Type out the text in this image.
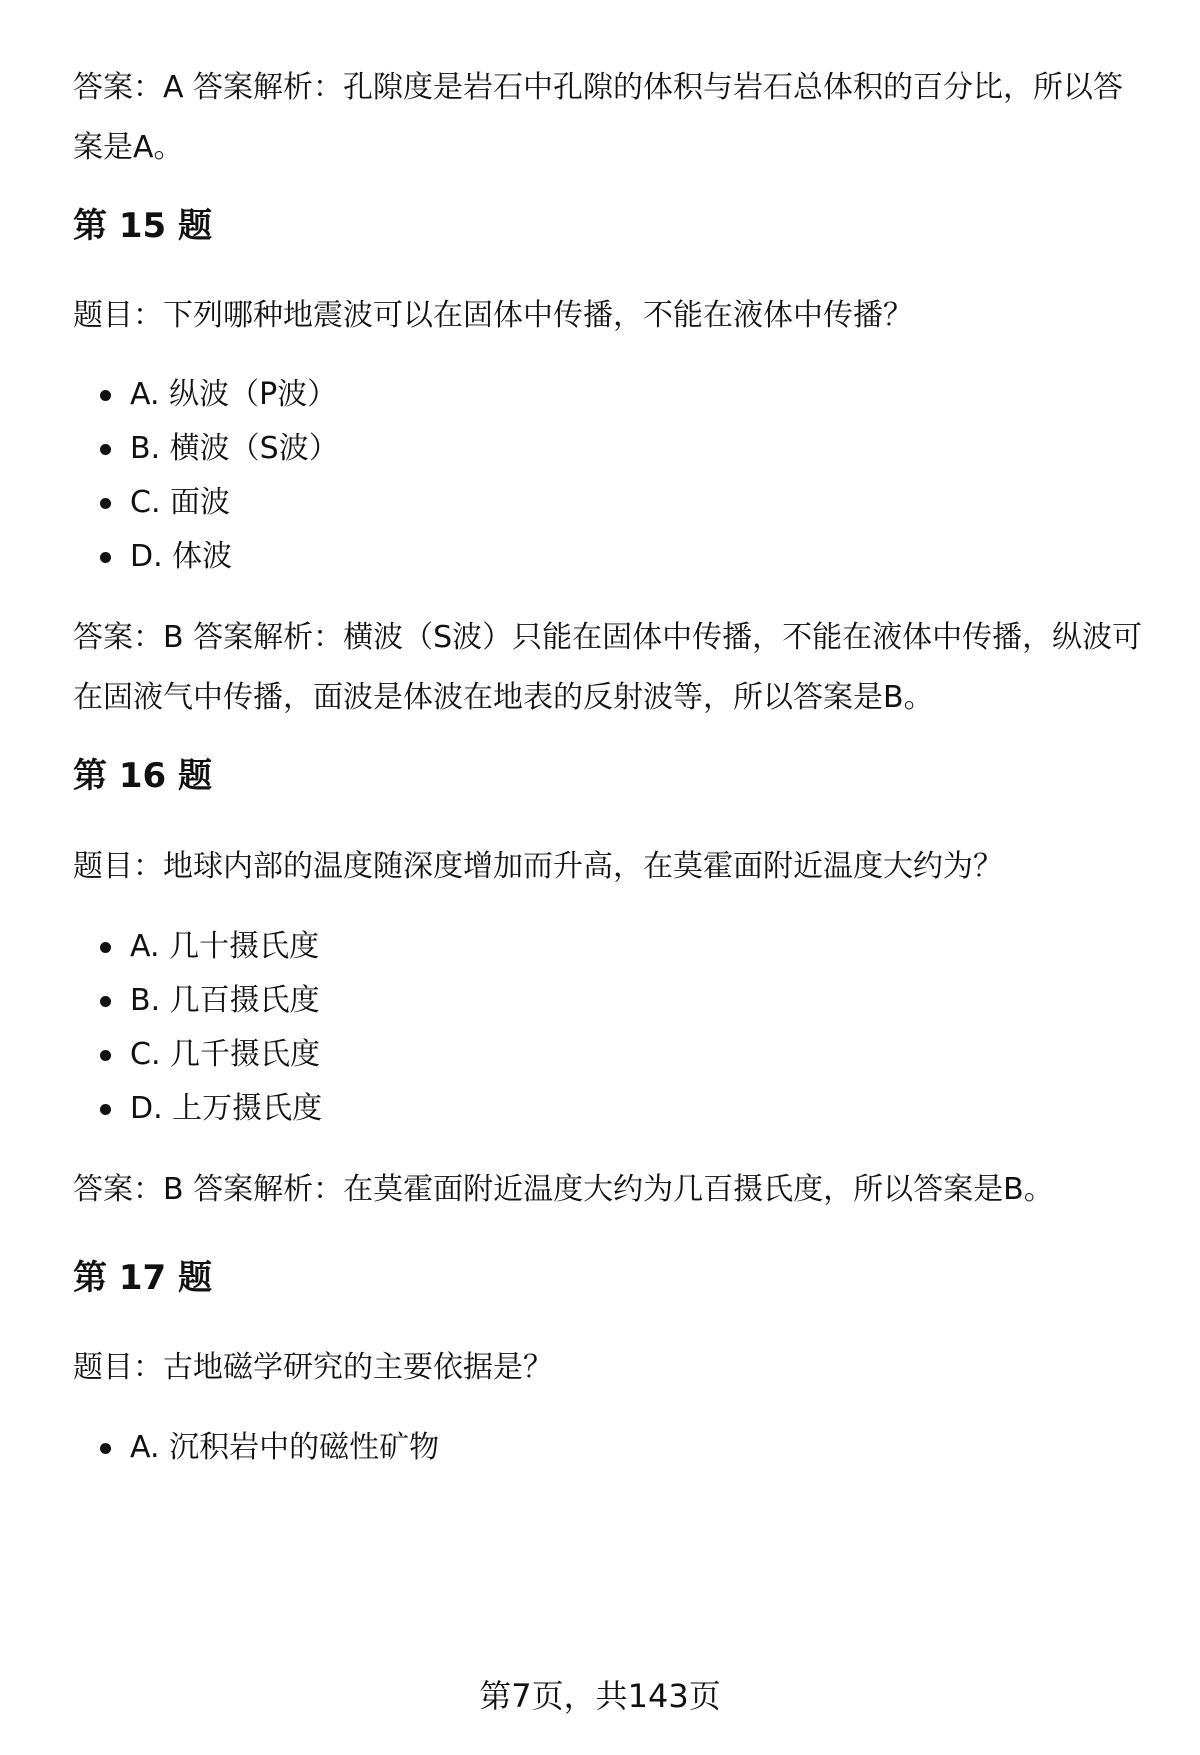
答案：A 答案解析：孔隙度是岩石中孔隙的体积与岩石总体积的百分比，所以答案是A。

第 15 题

题目：下列哪种地震波可以在固体中传播，不能在液体中传播？

A. 纵波（P波）
B. 横波（S波）
C. 面波
D. 体波

答案：B 答案解析：横波（S波）只能在固体中传播，不能在液体中传播，纵波可在固液气中传播，面波是体波在地表的反射波等，所以答案是B。

第 16 题

题目：地球内部的温度随深度增加而升高，在莫霍面附近温度大约为？

A. 几十摄氏度
B. 几百摄氏度
C. 几千摄氏度
D. 上万摄氏度

答案：B 答案解析：在莫霍面附近温度大约为几百摄氏度，所以答案是B。

第 17 题

题目：古地磁学研究的主要依据是？

A. 沉积岩中的磁性矿物
第7页，共143页
